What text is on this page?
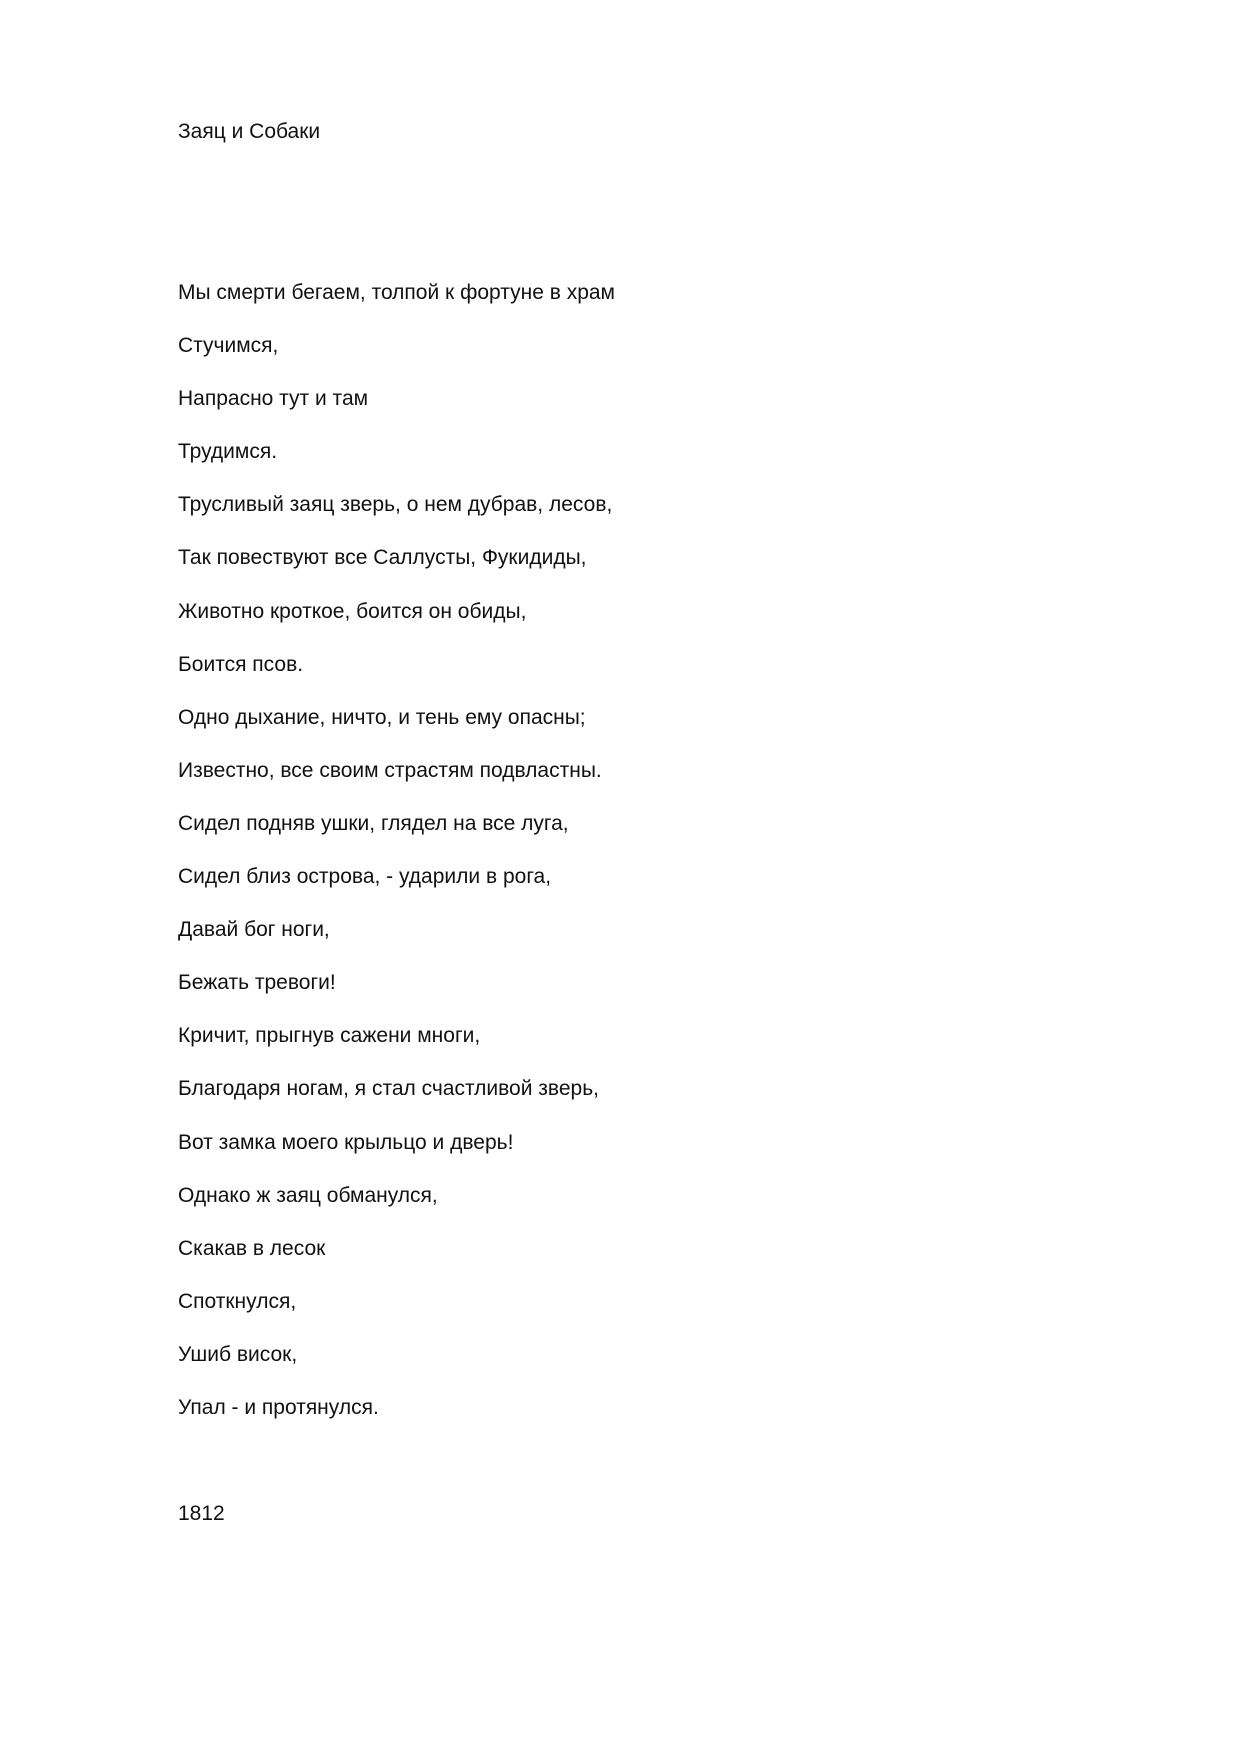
Заяц и Собаки
Мы смерти бегаем, толпой к фортуне в храм
Стучимся,
Напрасно тут и там
Трудимся.
Трусливый заяц зверь, о нем дубрав, лесов,
Так повествуют все Саллусты, Фукидиды,
Животно кроткое, боится он обиды,
Боится псов.
Одно дыхание, ничто, и тень ему опасны;
Известно, все своим страстям подвластны.
Сидел подняв ушки, глядел на все луга,
Сидел близ острова, - ударили в рога,
Давай бог ноги,
Бежать тревоги!
Кричит, прыгнув сажени многи,
Благодаря ногам, я стал счастливой зверь,
Вот замка моего крыльцо и дверь!
Однако ж заяц обманулся,
Скакав в лесок
Споткнулся,
Ушиб висок,
Упал - и протянулся.
1812
